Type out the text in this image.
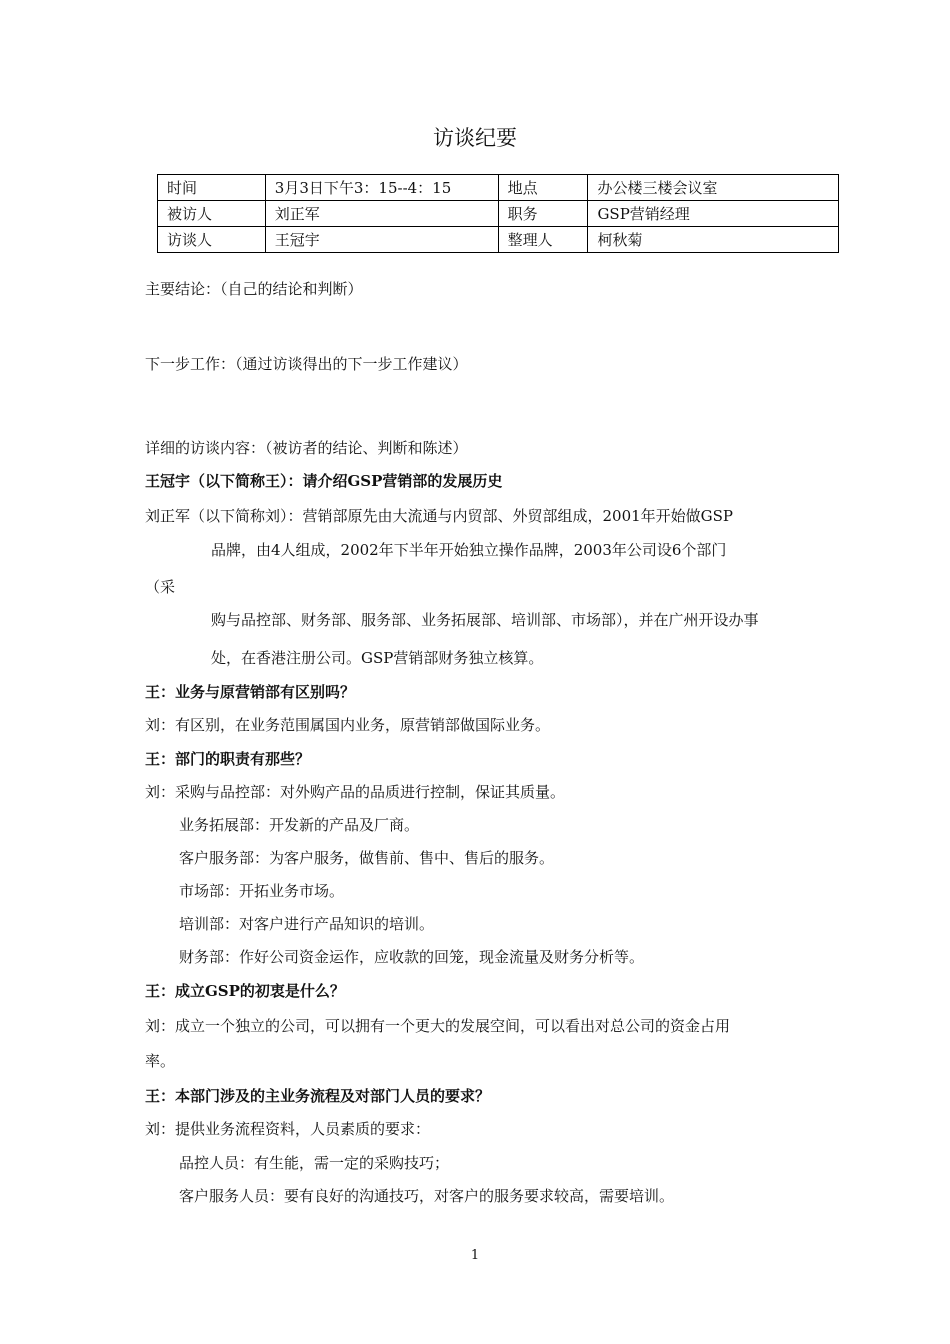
访谈纪要
时间	3月3日下午3：15--4：15	地点	办公楼三楼会议室
被访人	刘正军	职务	GSP营销经理
访谈人	王冠宇	整理人	柯秋菊
主要结论：（自己的结论和判断）
下一步工作：（通过访谈得出的下一步工作建议）
详细的访谈内容：（被访者的结论、判断和陈述）
王冠宇（以下简称王）：请介绍GSP营销部的发展历史
刘正军（以下简称刘）：营销部原先由大流通与内贸部、外贸部组成，2001年开始做GSP
品牌，由4人组成，2002年下半年开始独立操作品牌，2003年公司设6个部门
（采
购与品控部、财务部、服务部、业务拓展部、培训部、市场部），并在广州开设办事
处，在香港注册公司。GSP营销部财务独立核算。
王：业务与原营销部有区别吗？
刘：有区别，在业务范围属国内业务，原营销部做国际业务。
王：部门的职责有那些？
刘：采购与品控部：对外购产品的品质进行控制，保证其质量。
业务拓展部：开发新的产品及厂商。
客户服务部：为客户服务，做售前、售中、售后的服务。
市场部：开拓业务市场。
培训部：对客户进行产品知识的培训。
财务部：作好公司资金运作，应收款的回笼，现金流量及财务分析等。
王：成立GSP的初衷是什么？
刘：成立一个独立的公司，可以拥有一个更大的发展空间，可以看出对总公司的资金占用
率。
王：本部门涉及的主业务流程及对部门人员的要求？
刘：提供业务流程资料，人员素质的要求：
品控人员：有生能，需一定的采购技巧；
客户服务人员：要有良好的沟通技巧，对客户的服务要求较高，需要培训。
1
